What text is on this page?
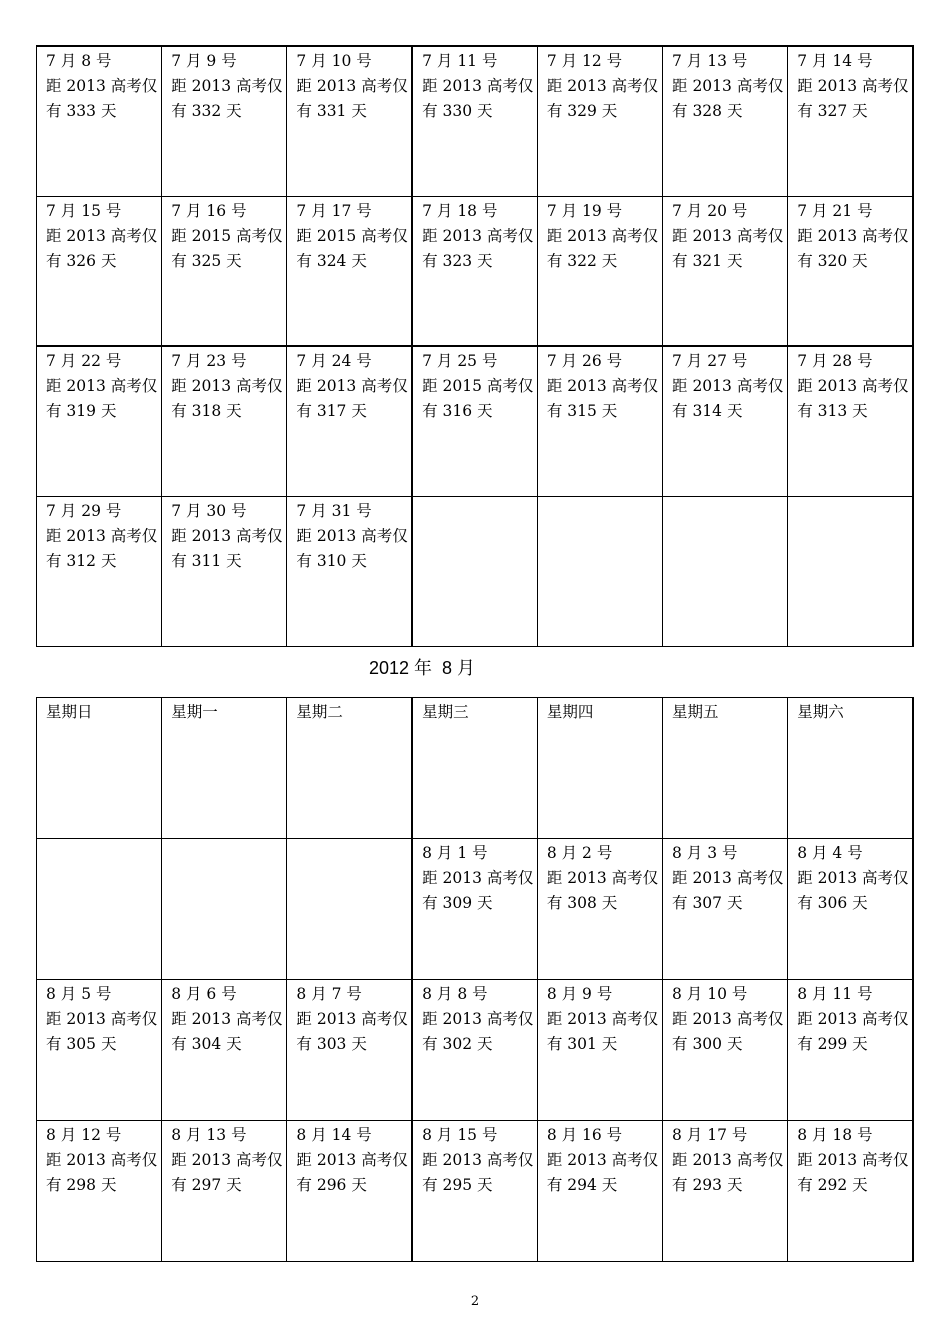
7 月 8 号
距 2013 高考仅
有 333 天	7 月 9 号
距 2013 高考仅
有 332 天	7 月 10 号
距 2013 高考仅
有 331 天	7 月 11 号
距 2013 高考仅
有 330 天	7 月 12 号
距 2013 高考仅
有 329 天	7 月 13 号
距 2013 高考仅
有 328 天	7 月 14 号
距 2013 高考仅
有 327 天

7 月 15 号
距 2013 高考仅
有 326 天	7 月 16 号
距 2015 高考仅
有 325 天	7 月 17 号
距 2015 高考仅
有 324 天	7 月 18 号
距 2013 高考仅
有 323 天	7 月 19 号
距 2013 高考仅
有 322 天	7 月 20 号
距 2013 高考仅
有 321 天	7 月 21 号
距 2013 高考仅
有 320 天

7 月 22 号
距 2013 高考仅
有 319 天	7 月 23 号
距 2013 高考仅
有 318 天	7 月 24 号
距 2013 高考仅
有 317 天	7 月 25 号
距 2015 高考仅
有 316 天	7 月 26 号
距 2013 高考仅
有 315 天	7 月 27 号
距 2013 高考仅
有 314 天	7 月 28 号
距 2013 高考仅
有 313 天

7 月 29 号
距 2013 高考仅
有 312 天	7 月 30 号
距 2013 高考仅
有 311 天	7 月 31 号
距 2013 高考仅
有 310 天				

2012 年  8 月
星期日	星期一	星期二	星期三	星期四	星期五	星期六

			8 月 1 号
距 2013 高考仅
有 309 天	8 月 2 号
距 2013 高考仅
有 308 天	8 月 3 号
距 2013 高考仅
有 307 天	8 月 4 号
距 2013 高考仅
有 306 天

8 月 5 号
距 2013 高考仅
有 305 天	8 月 6 号
距 2013 高考仅
有 304 天	8 月 7 号
距 2013 高考仅
有 303 天	8 月 8 号
距 2013 高考仅
有 302 天	8 月 9 号
距 2013 高考仅
有 301 天	8 月 10 号
距 2013 高考仅
有 300 天	8 月 11 号
距 2013 高考仅
有 299 天

8 月 12 号
距 2013 高考仅
有 298 天	8 月 13 号
距 2013 高考仅
有 297 天	8 月 14 号
距 2013 高考仅
有 296 天	8 月 15 号
距 2013 高考仅
有 295 天	8 月 16 号
距 2013 高考仅
有 294 天	8 月 17 号
距 2013 高考仅
有 293 天	8 月 18 号
距 2013 高考仅
有 292 天
2
